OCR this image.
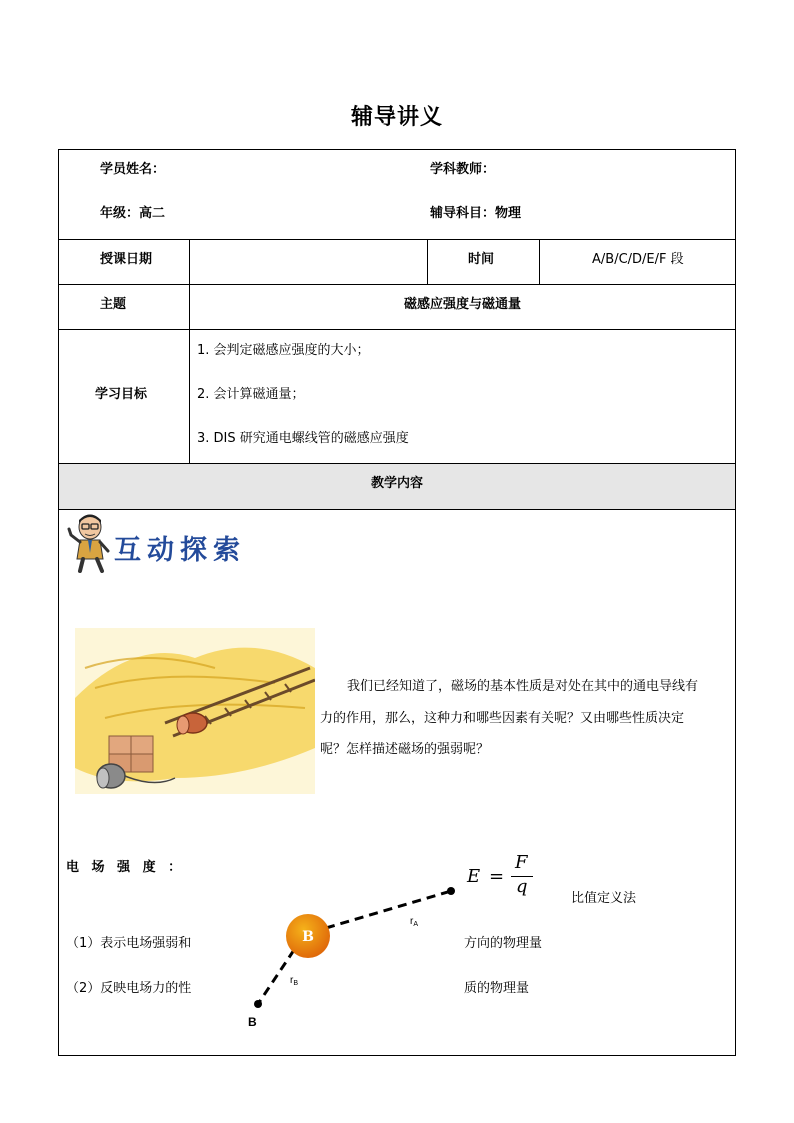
辅导讲义
学员姓名：	学科教师：
年级：高二	辅导科目：物理
授课日期	时间	A/B/C/D/E/F 段
主题	磁感应强度与磁通量
学习目标
1. 会判定磁感应强度的大小；
2. 会计算磁通量；
3. DIS 研究通电螺线管的磁感应强度
教学内容
互动探索
我们已经知道了，磁场的基本性质是对处在其中的通电导线有
力的作用，那么，这种力和哪些因素有关呢？又由哪些性质决定
呢？怎样描述磁场的强弱呢？
电 场 强 度 ：	E =
F
q
比值定义法
（1）表示电场强弱和	方向的物理量
（2）反映电场力的性	质的物理量
B
$r_A$
$r_B$
B
